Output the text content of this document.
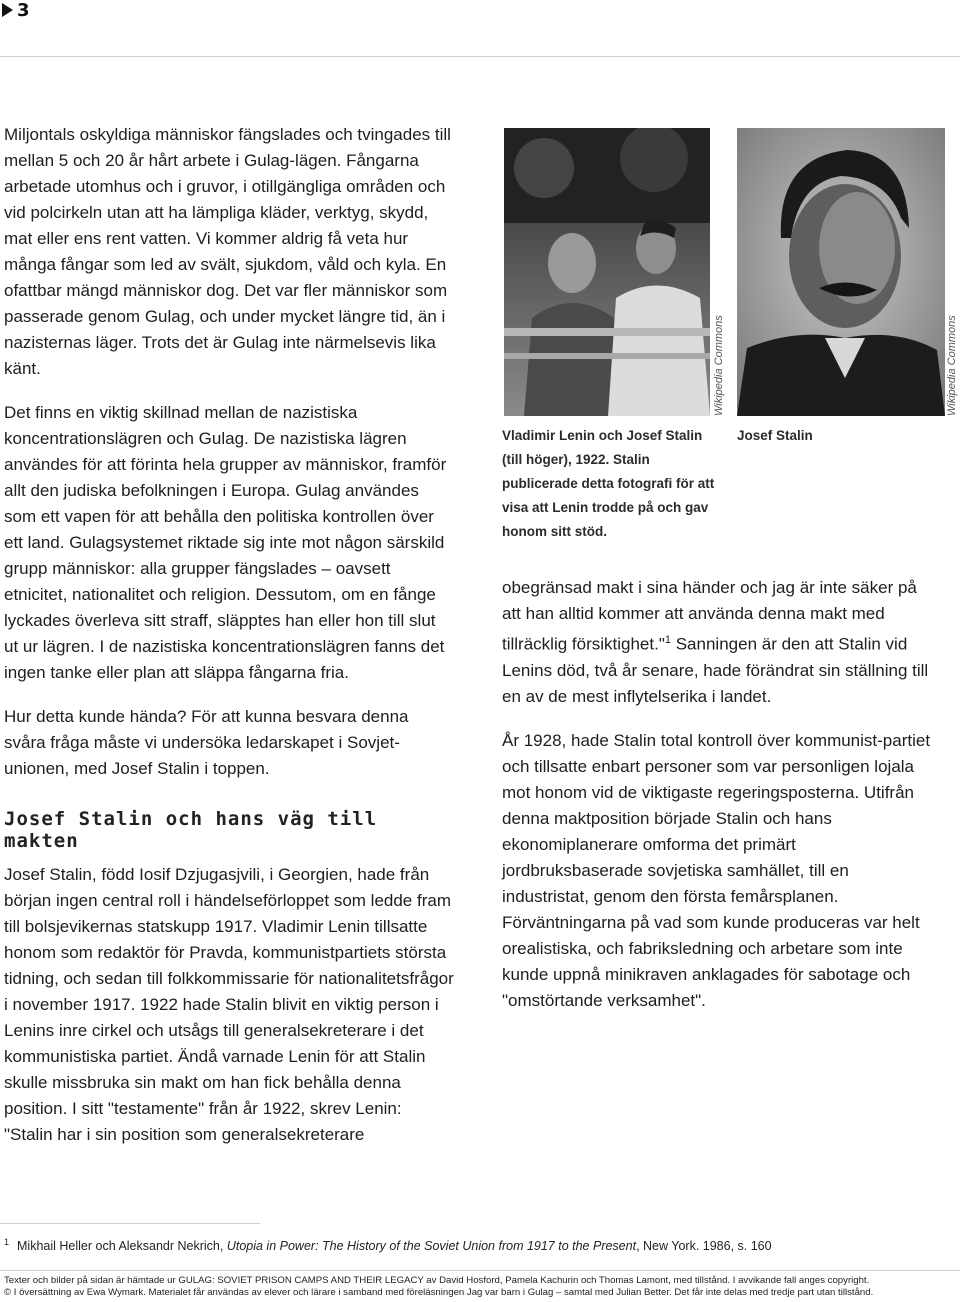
3

Miljontals oskyldiga människor fängslades och tvingades till mellan 5 och 20 år hårt arbete i Gulag-lägen. Fångarna arbetade utomhus och i gruvor, i otillgängliga områden och vid polcirkeln utan att ha lämpliga kläder, verktyg, skydd, mat eller ens rent vatten. Vi kommer aldrig få veta hur många fångar som led av svält, sjukdom, våld och kyla. En ofattbar mängd människor dog. Det var fler människor som passerade genom Gulag, och under mycket längre tid, än i nazisternas läger. Trots det är Gulag inte närmelsevis lika känt.

Det finns en viktig skillnad mellan de nazistiska koncentrationslägren och Gulag. De nazistiska lägren användes för att förinta hela grupper av människor, framför allt den judiska befolkningen i Europa. Gulag användes som ett vapen för att behålla den politiska kontrollen över ett land. Gulagsystemet riktade sig inte mot någon särskild grupp människor: alla grupper fängslades – oavsett etnicitet, nationalitet och religion. Dessutom, om en fånge lyckades överleva sitt straff, släpptes han eller hon till slut ut ur lägren. I de nazistiska koncentrationslägren fanns det ingen tanke eller plan att släppa fångarna fria.

Hur detta kunde hända? För att kunna besvara denna svåra fråga måste vi undersöka ledarskapet i Sovjet-unionen, med Josef Stalin i toppen.

Josef Stalin och hans väg till makten

Josef Stalin, född Iosif Dzjugasjvili, i Georgien, hade från början ingen central roll i händelseförloppet som ledde fram till bolsjevikernas statskupp 1917. Vladimir Lenin tillsatte honom som redaktör för Pravda, kommunistpartiets största tidning, och sedan till folkkommissarie för nationalitetsfrågor i november 1917. 1922 hade Stalin blivit en viktig person i Lenins inre cirkel och utsågs till generalsekreterare i det kommunistiska partiet. Ändå varnade Lenin för att Stalin skulle missbruka sin makt om han fick behålla denna position. I sitt "testamente" från år 1922, skrev Lenin: "Stalin har i sin position som generalsekreterare

Wikipedia Commons
Vladimir Lenin och Josef Stalin (till höger), 1922. Stalin publicerade detta fotografi för att visa att Lenin trodde på och gav honom sitt stöd.
Wikipedia Commons
Josef Stalin

obegränsad makt i sina händer och jag är inte säker på att han alltid kommer att använda denna makt med tillräcklig försiktighet."$^1$ Sanningen är den att Stalin vid Lenins död, två år senare, hade förändrat sin ställning till en av de mest inflytelserika i landet.

År 1928, hade Stalin total kontroll över kommunist-partiet och tillsatte enbart personer som var personligen lojala mot honom vid de viktigaste regeringsposterna. Utifrån denna maktposition började Stalin och hans ekonomiplanerare omforma det primärt jordbruksbaserade sovjetiska samhället, till en industristat, genom den första femårsplanen. Förväntningarna på vad som kunde produceras var helt orealistiska, och fabriksledning och arbetare som inte kunde uppnå minikraven anklagades för sabotage och "omstörtande verksamhet".

$^1$ Mikhail Heller och Aleksandr Nekrich, Utopia in Power: The History of the Soviet Union from 1917 to the Present, New York. 1986, s. 160
Texter och bilder på sidan är hämtade ur GULAG: SOVIET PRISON CAMPS AND THEIR LEGACY av David Hosford, Pamela Kachurin och Thomas Lamont, med tillstånd. I avvikande fall anges copyright.
© I översättning av Ewa Wymark. Materialet får användas av elever och lärare i samband med föreläsningen Jag var barn i Gulag – samtal med Julian Better. Det får inte delas med tredje part utan tillstånd.
